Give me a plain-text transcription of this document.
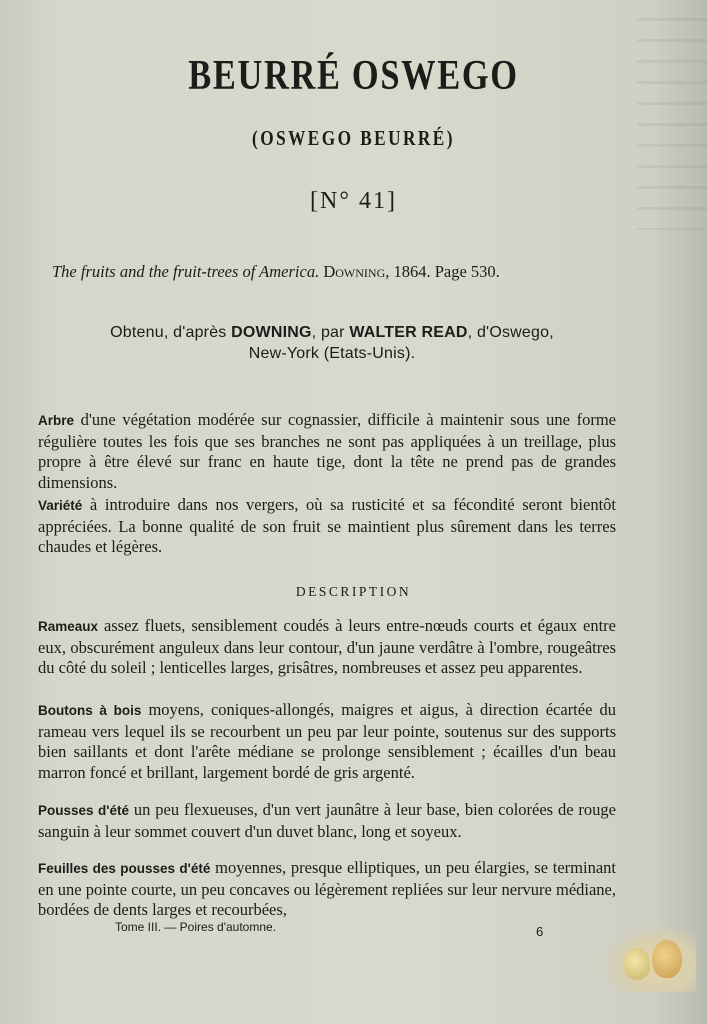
BEURRÉ OSWEGO
(OSWEGO BEURRÉ)
[N° 41]
The fruits and the fruit-trees of America. Downing, 1864. Page 530.
Obtenu, d'après DOWNING, par WALTER READ, d'Oswego,
New-York (Etats-Unis).
Arbre d'une végétation modérée sur cognassier, difficile à maintenir sous une forme régulière toutes les fois que ses branches ne sont pas appliquées à un treillage, plus propre à être élevé sur franc en haute tige, dont la tête ne prend pas de grandes dimensions.
Variété à introduire dans nos vergers, où sa rusticité et sa fécondité seront bientôt appréciées. La bonne qualité de son fruit se maintient plus sûrement dans les terres chaudes et légères.
DESCRIPTION
Rameaux assez fluets, sensiblement coudés à leurs entre-nœuds courts et égaux entre eux, obscurément anguleux dans leur contour, d'un jaune verdâtre à l'ombre, rougeâtres du côté du soleil ; lenticelles larges, grisâtres, nombreuses et assez peu apparentes.
Boutons à bois moyens, coniques-allongés, maigres et aigus, à direction écartée du rameau vers lequel ils se recourbent un peu par leur pointe, soutenus sur des supports bien saillants et dont l'arête médiane se prolonge sensiblement ; écailles d'un beau marron foncé et brillant, largement bordé de gris argenté.
Pousses d'été un peu flexueuses, d'un vert jaunâtre à leur base, bien colorées de rouge sanguin à leur sommet couvert d'un duvet blanc, long et soyeux.
Feuilles des pousses d'été moyennes, presque elliptiques, un peu élargies, se terminant en une pointe courte, un peu concaves ou légèrement repliées sur leur nervure médiane, bordées de dents larges et recourbées,
Tome III. — Poires d'automne.	6
